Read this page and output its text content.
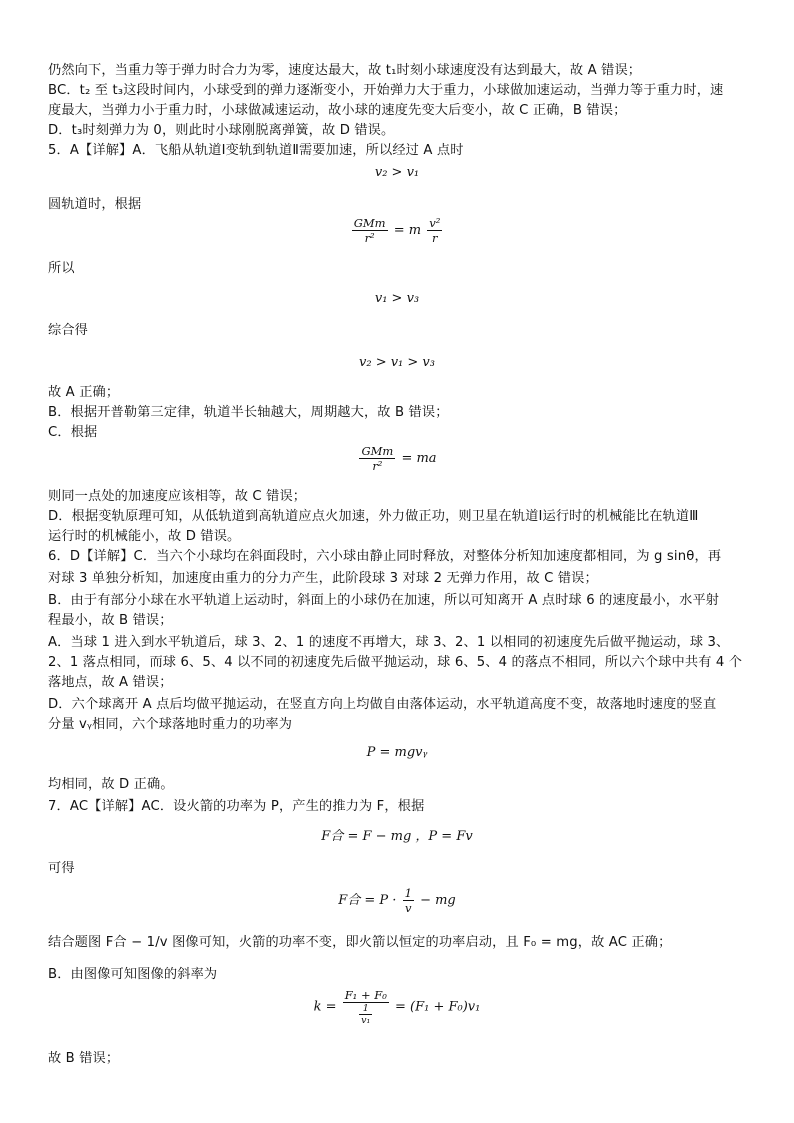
仍然向下，当重力等于弹力时合力为零，速度达最大，故 t₁时刻小球速度没有达到最大，故 A 错误；
BC．t₂ 至 t₃这段时间内，小球受到的弹力逐渐变小，开始弹力大于重力，小球做加速运动，当弹力等于重力时，速
度最大，当弹力小于重力时，小球做减速运动，故小球的速度先变大后变小，故 C 正确，B 错误；
D．t₃时刻弹力为 0，则此时小球刚脱离弹簧，故 D 错误。
5．A【详解】A．飞船从轨道Ⅰ变轨到轨道Ⅱ需要加速，所以经过 A 点时
v₂ > v₁
圆轨道时，根据
$\frac{\text{GMm}}{\text{r²}} = m \frac{\text{v²}}{r}$
所以
v₁ > v₃
综合得
v₂ > v₁ > v₃
故 A 正确；
B．根据开普勒第三定律，轨道半长轴越大，周期越大，故 B 错误；
C．根据
$\frac{\text{GMm}}{\text{r²}}$ = ma
则同一点处的加速度应该相等，故 C 错误；
D．根据变轨原理可知，从低轨道到高轨道应点火加速，外力做正功，则卫星在轨道Ⅰ运行时的机械能比在轨道Ⅲ
运行时的机械能小，故 D 错误。
6．D【详解】C．当六个小球均在斜面段时，六小球由静止同时释放，对整体分析知加速度都相同，为 g sinθ，再
对球 3 单独分析知，加速度由重力的分力产生，此阶段球 3 对球 2 无弹力作用，故 C 错误；
B．由于有部分小球在水平轨道上运动时，斜面上的小球仍在加速，所以可知离开 A 点时球 6 的速度最小，水平射
程最小，故 B 错误；
A．当球 1 进入到水平轨道后，球 3、2、1 的速度不再增大，球 3、2、1 以相同的初速度先后做平抛运动，球 3、
2、1 落点相同，而球 6、5、4 以不同的初速度先后做平抛运动，球 6、5、4 的落点不相同，所以六个球中共有 4 个
落地点，故 A 错误；
D．六个球离开 A 点后均做平抛运动，在竖直方向上均做自由落体运动，水平轨道高度不变，故落地时速度的竖直
分量 vᵧ相同，六个球落地时重力的功率为
P = mgvᵧ
均相同，故 D 正确。
7．AC【详解】AC．设火箭的功率为 P，产生的推力为 F，根据
F合 = F − mg ，P = Fv
可得
F合 = $P \cdot \frac{1}{v}$ − mg
结合题图 F合 − 1/v 图像可知，火箭的功率不变，即火箭以恒定的功率启动，且 F₀ = mg，故 AC 正确；
B．由图像可知图像的斜率为
$k = \frac{\text{F₁ + F₀}}{\frac{1}{\text{v₁}}} = (F_1 + F_0)v_1$
故 B 错误；
